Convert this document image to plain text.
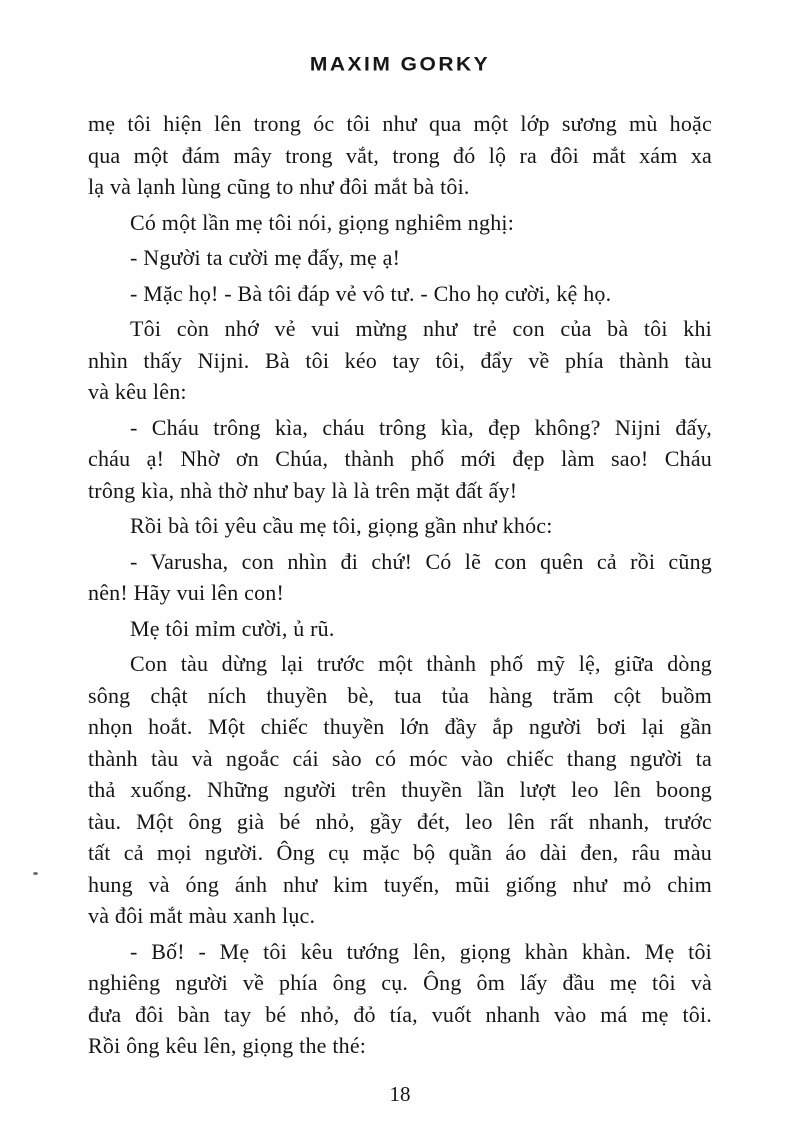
MAXIM GORKY
mẹ tôi hiện lên trong óc tôi như qua một lớp sương mù hoặc
qua một đám mây trong vắt, trong đó lộ ra đôi mắt xám xa
lạ và lạnh lùng cũng to như đôi mắt bà tôi.
Có một lần mẹ tôi nói, giọng nghiêm nghị:
- Người ta cười mẹ đấy, mẹ ạ!
- Mặc họ! - Bà tôi đáp vẻ vô tư. - Cho họ cười, kệ họ.
Tôi còn nhớ vẻ vui mừng như trẻ con của bà tôi khi
nhìn thấy Nijni. Bà tôi kéo tay tôi, đẩy về phía thành tàu
và kêu lên:
- Cháu trông kìa, cháu trông kìa, đẹp không? Nijni đấy,
cháu ạ! Nhờ ơn Chúa, thành phố mới đẹp làm sao! Cháu
trông kìa, nhà thờ như bay là là trên mặt đất ấy!
Rồi bà tôi yêu cầu mẹ tôi, giọng gần như khóc:
- Varusha, con nhìn đi chứ! Có lẽ con quên cả rồi cũng
nên! Hãy vui lên con!
Mẹ tôi mỉm cười, ủ rũ.
Con tàu dừng lại trước một thành phố mỹ lệ, giữa dòng
sông chật ních thuyền bè, tua tủa hàng trăm cột buồm
nhọn hoắt. Một chiếc thuyền lớn đầy ắp người bơi lại gần
thành tàu và ngoắc cái sào có móc vào chiếc thang người ta
thả xuống. Những người trên thuyền lần lượt leo lên boong
tàu. Một ông già bé nhỏ, gầy đét, leo lên rất nhanh, trước
tất cả mọi người. Ông cụ mặc bộ quần áo dài đen, râu màu
hung và óng ánh như kim tuyến, mũi giống như mỏ chim
và đôi mắt màu xanh lục.
- Bố! - Mẹ tôi kêu tướng lên, giọng khàn khàn. Mẹ tôi
nghiêng người về phía ông cụ. Ông ôm lấy đầu mẹ tôi và
đưa đôi bàn tay bé nhỏ, đỏ tía, vuốt nhanh vào má mẹ tôi.
Rồi ông kêu lên, giọng the thé:
18
